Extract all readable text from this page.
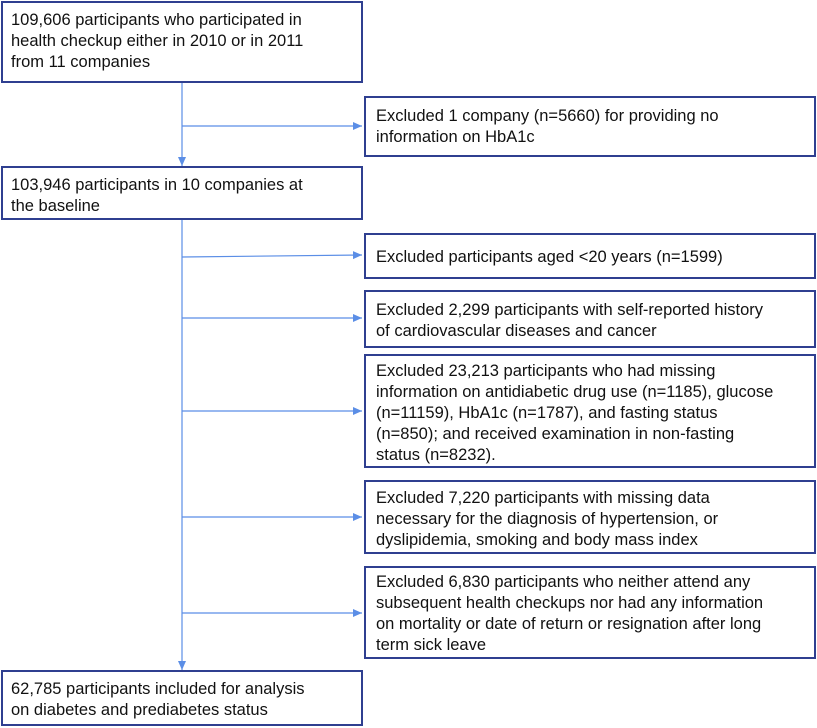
109,606 participants who participated in
health checkup either in 2010 or in 2011
from 11 companies
Excluded 1 company (n=5660) for providing no
information on HbA1c
103,946 participants in 10 companies at
the baseline
Excluded participants aged <20 years (n=1599)
Excluded 2,299 participants with self-reported history
of cardiovascular diseases and cancer
Excluded 23,213 participants who had missing
information on antidiabetic drug use (n=1185), glucose
(n=11159), HbA1c (n=1787), and fasting status
(n=850); and received examination in non-fasting
status (n=8232).
Excluded 7,220 participants with missing data
necessary for the diagnosis of hypertension, or
dyslipidemia, smoking and body mass index
Excluded 6,830 participants who neither attend any
subsequent health checkups nor had any information
on mortality or date of return or resignation after long
term sick leave
62,785 participants included for analysis
on diabetes and prediabetes status
